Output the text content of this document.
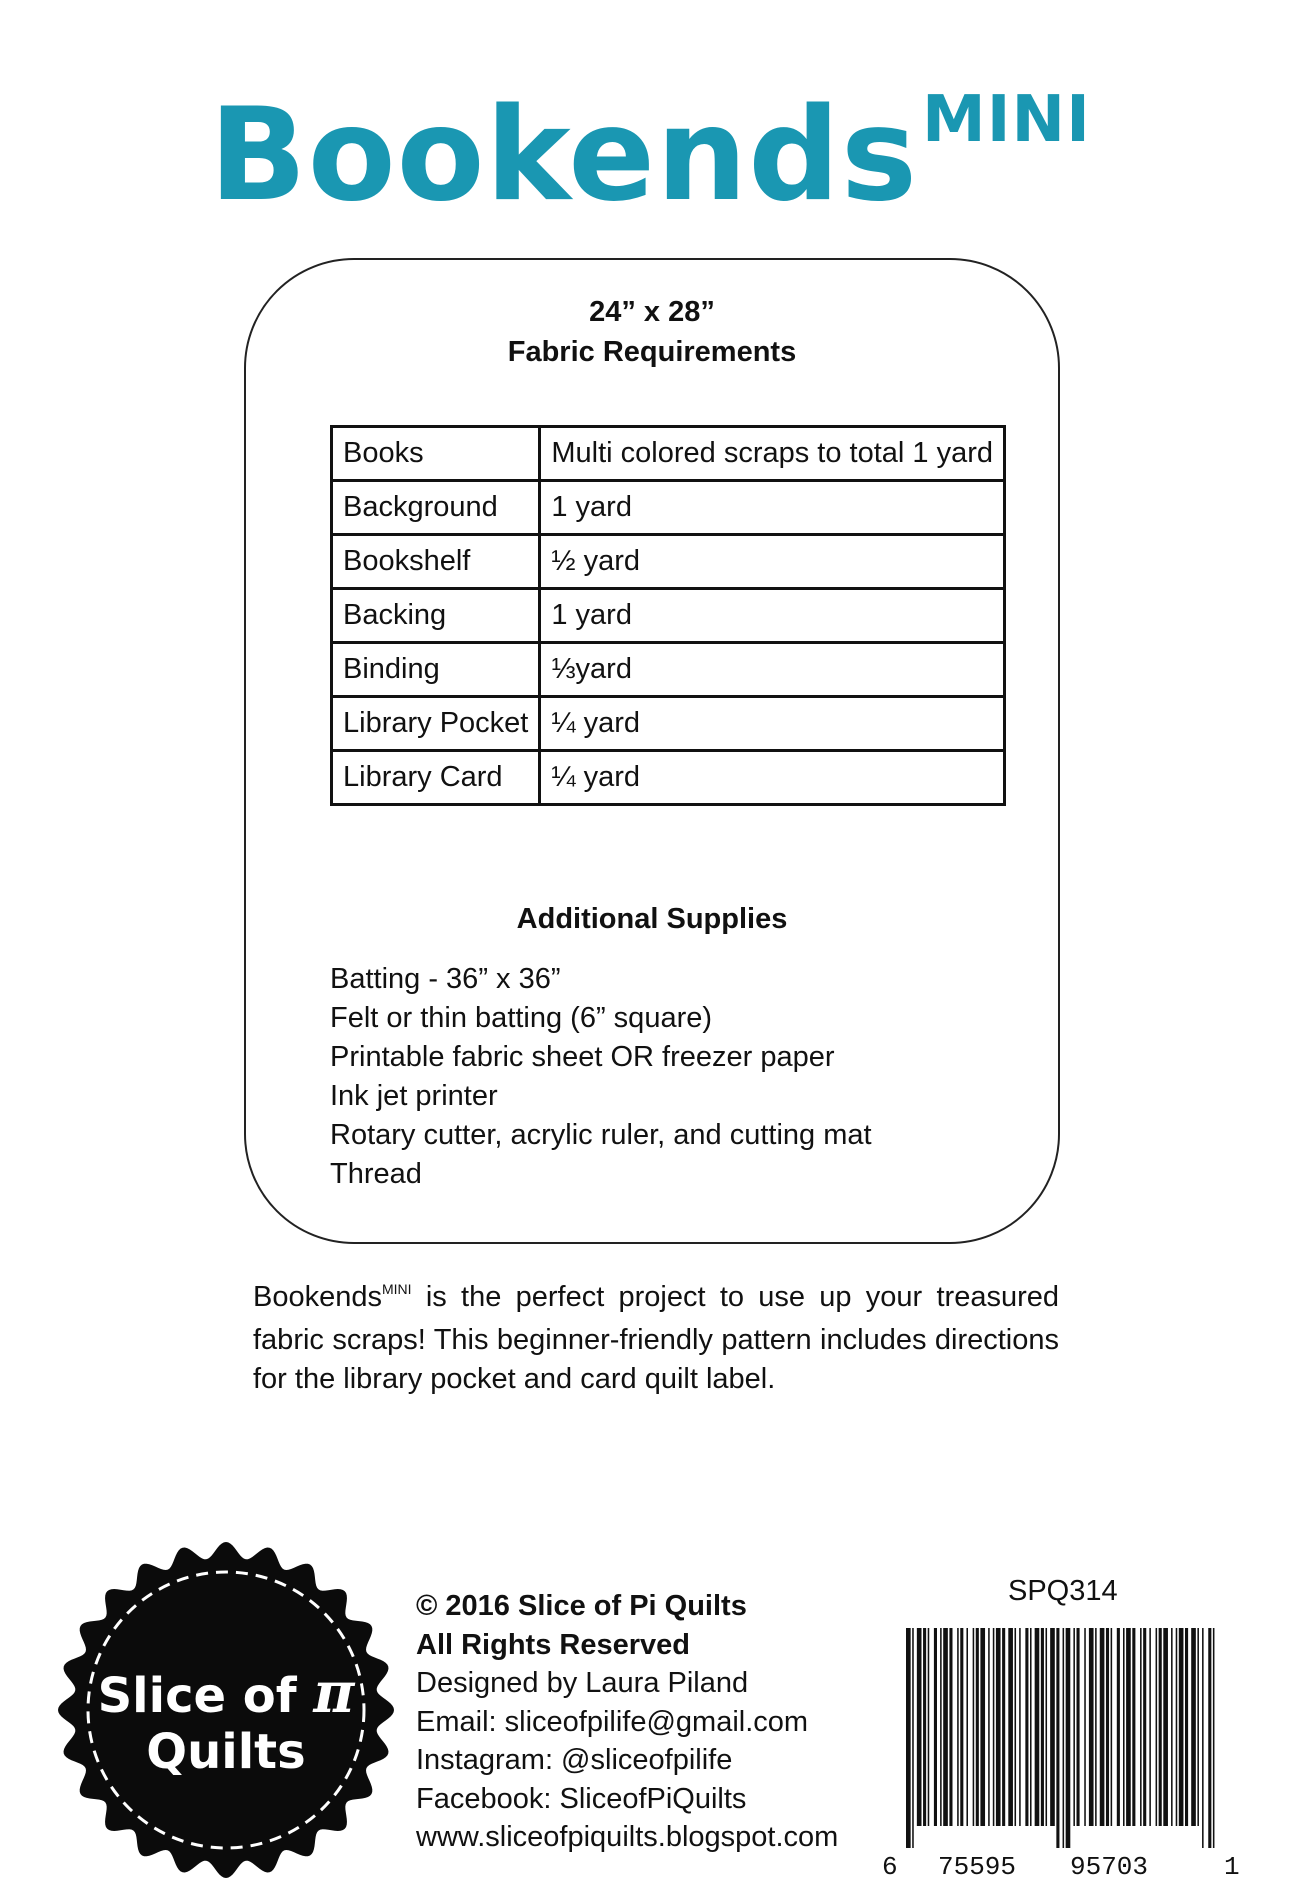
Bookends$^{MINI}$
24” x 28”
Fabric Requirements
Books	Multi colored scraps to total 1 yard
Background	1 yard
Bookshelf	½ yard
Backing	1 yard
Binding	⅓yard
Library Pocket	¼ yard
Library Card	¼ yard
Additional Supplies
Batting - 36” x 36”
Felt or thin batting (6” square)
Printable fabric sheet OR freezer paper
Ink jet printer
Rotary cutter, acrylic ruler, and cutting mat
Thread
Bookends$^{MINI}$ is the perfect project to use up your treasured fabric scraps! This beginner-friendly pattern includes directions for the library pocket and card quilt label.
Slice of π
Quilts
© 2016 Slice of Pi Quilts
All Rights Reserved
Designed by Laura Piland
Email: sliceofpilife@gmail.com
Instagram: @sliceofpilife
Facebook: SliceofPiQuilts
www.sliceofpiquilts.blogspot.com
SPQ314
6 75595 95703	1
